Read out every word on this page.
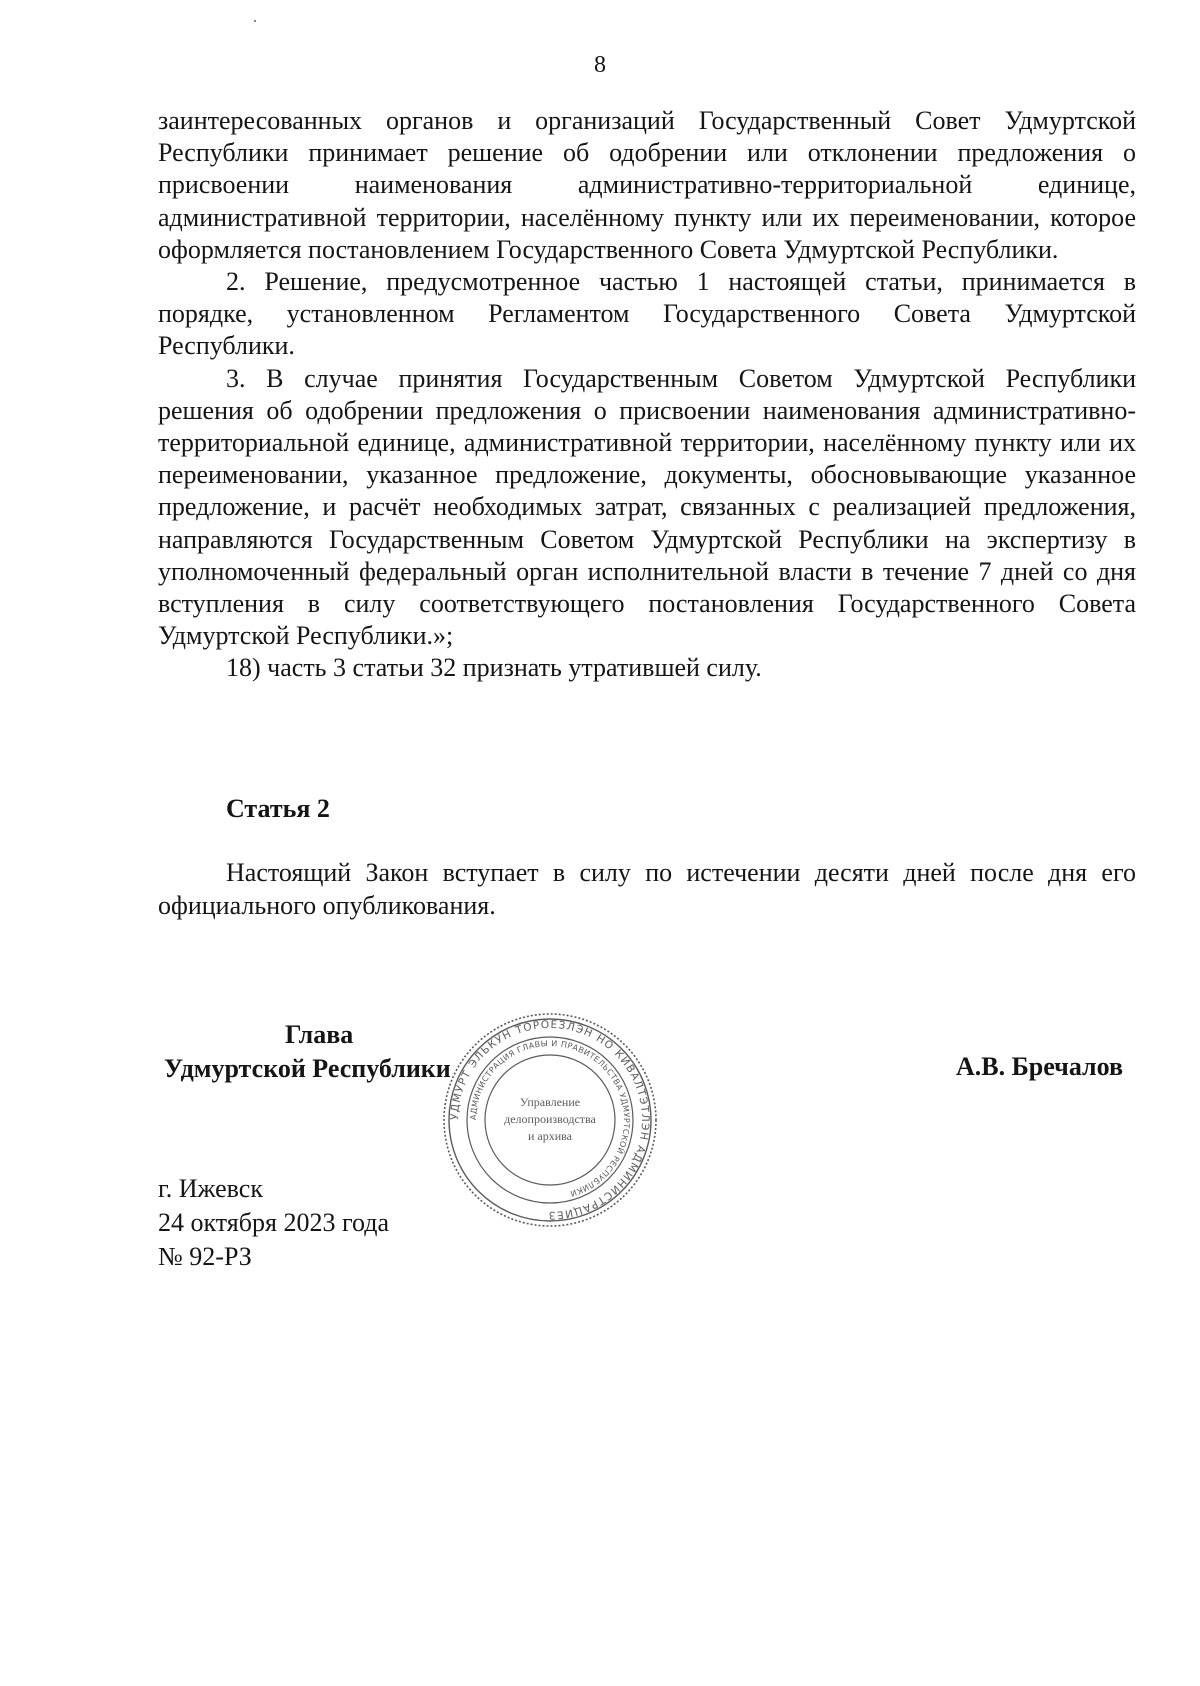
8

заинтересованных органов и организаций Государственный Совет Удмуртской Республики принимает решение об одобрении или отклонении предложения о присвоении наименования административно-территориальной единице, административной территории, населённому пункту или их переименовании, которое оформляется постановлением Государственного Совета Удмуртской Республики.

2. Решение, предусмотренное частью 1 настоящей статьи, принимается в порядке, установленном Регламентом Государственного Совета Удмуртской Республики.

3. В случае принятия Государственным Советом Удмуртской Республики решения об одобрении предложения о присвоении наименования административно-территориальной единице, административной территории, населённому пункту или их переименовании, указанное предложение, документы, обосновывающие указанное предложение, и расчёт необходимых затрат, связанных с реализацией предложения, направляются Государственным Советом Удмуртской Республики на экспертизу в уполномоченный федеральный орган исполнительной власти в течение 7 дней со дня вступления в силу соответствующего постановления Государственного Совета Удмуртской Республики.»;

18) часть 3 статьи 32 признать утратившей силу.

Статья 2

Настоящий Закон вступает в силу по истечении десяти дней после дня его официального опубликования.

УДМУРТ ЭЛЬКУН ТОРОЕЗЛЭН НО КИВАЛТЭТЛЭН АДМИНИСТРАЦИЕЗ
АДМИНИСТРАЦИЯ ГЛАВЫ И ПРАВИТЕЛЬСТВА УДМУРТСКОЙ РЕСПУБЛИКИ
Управление
делопроизводства
и архива
Глава
Удмуртской Республики	А.В. Бречалов
г. Ижевск
24 октября 2023 года
№ 92-РЗ
